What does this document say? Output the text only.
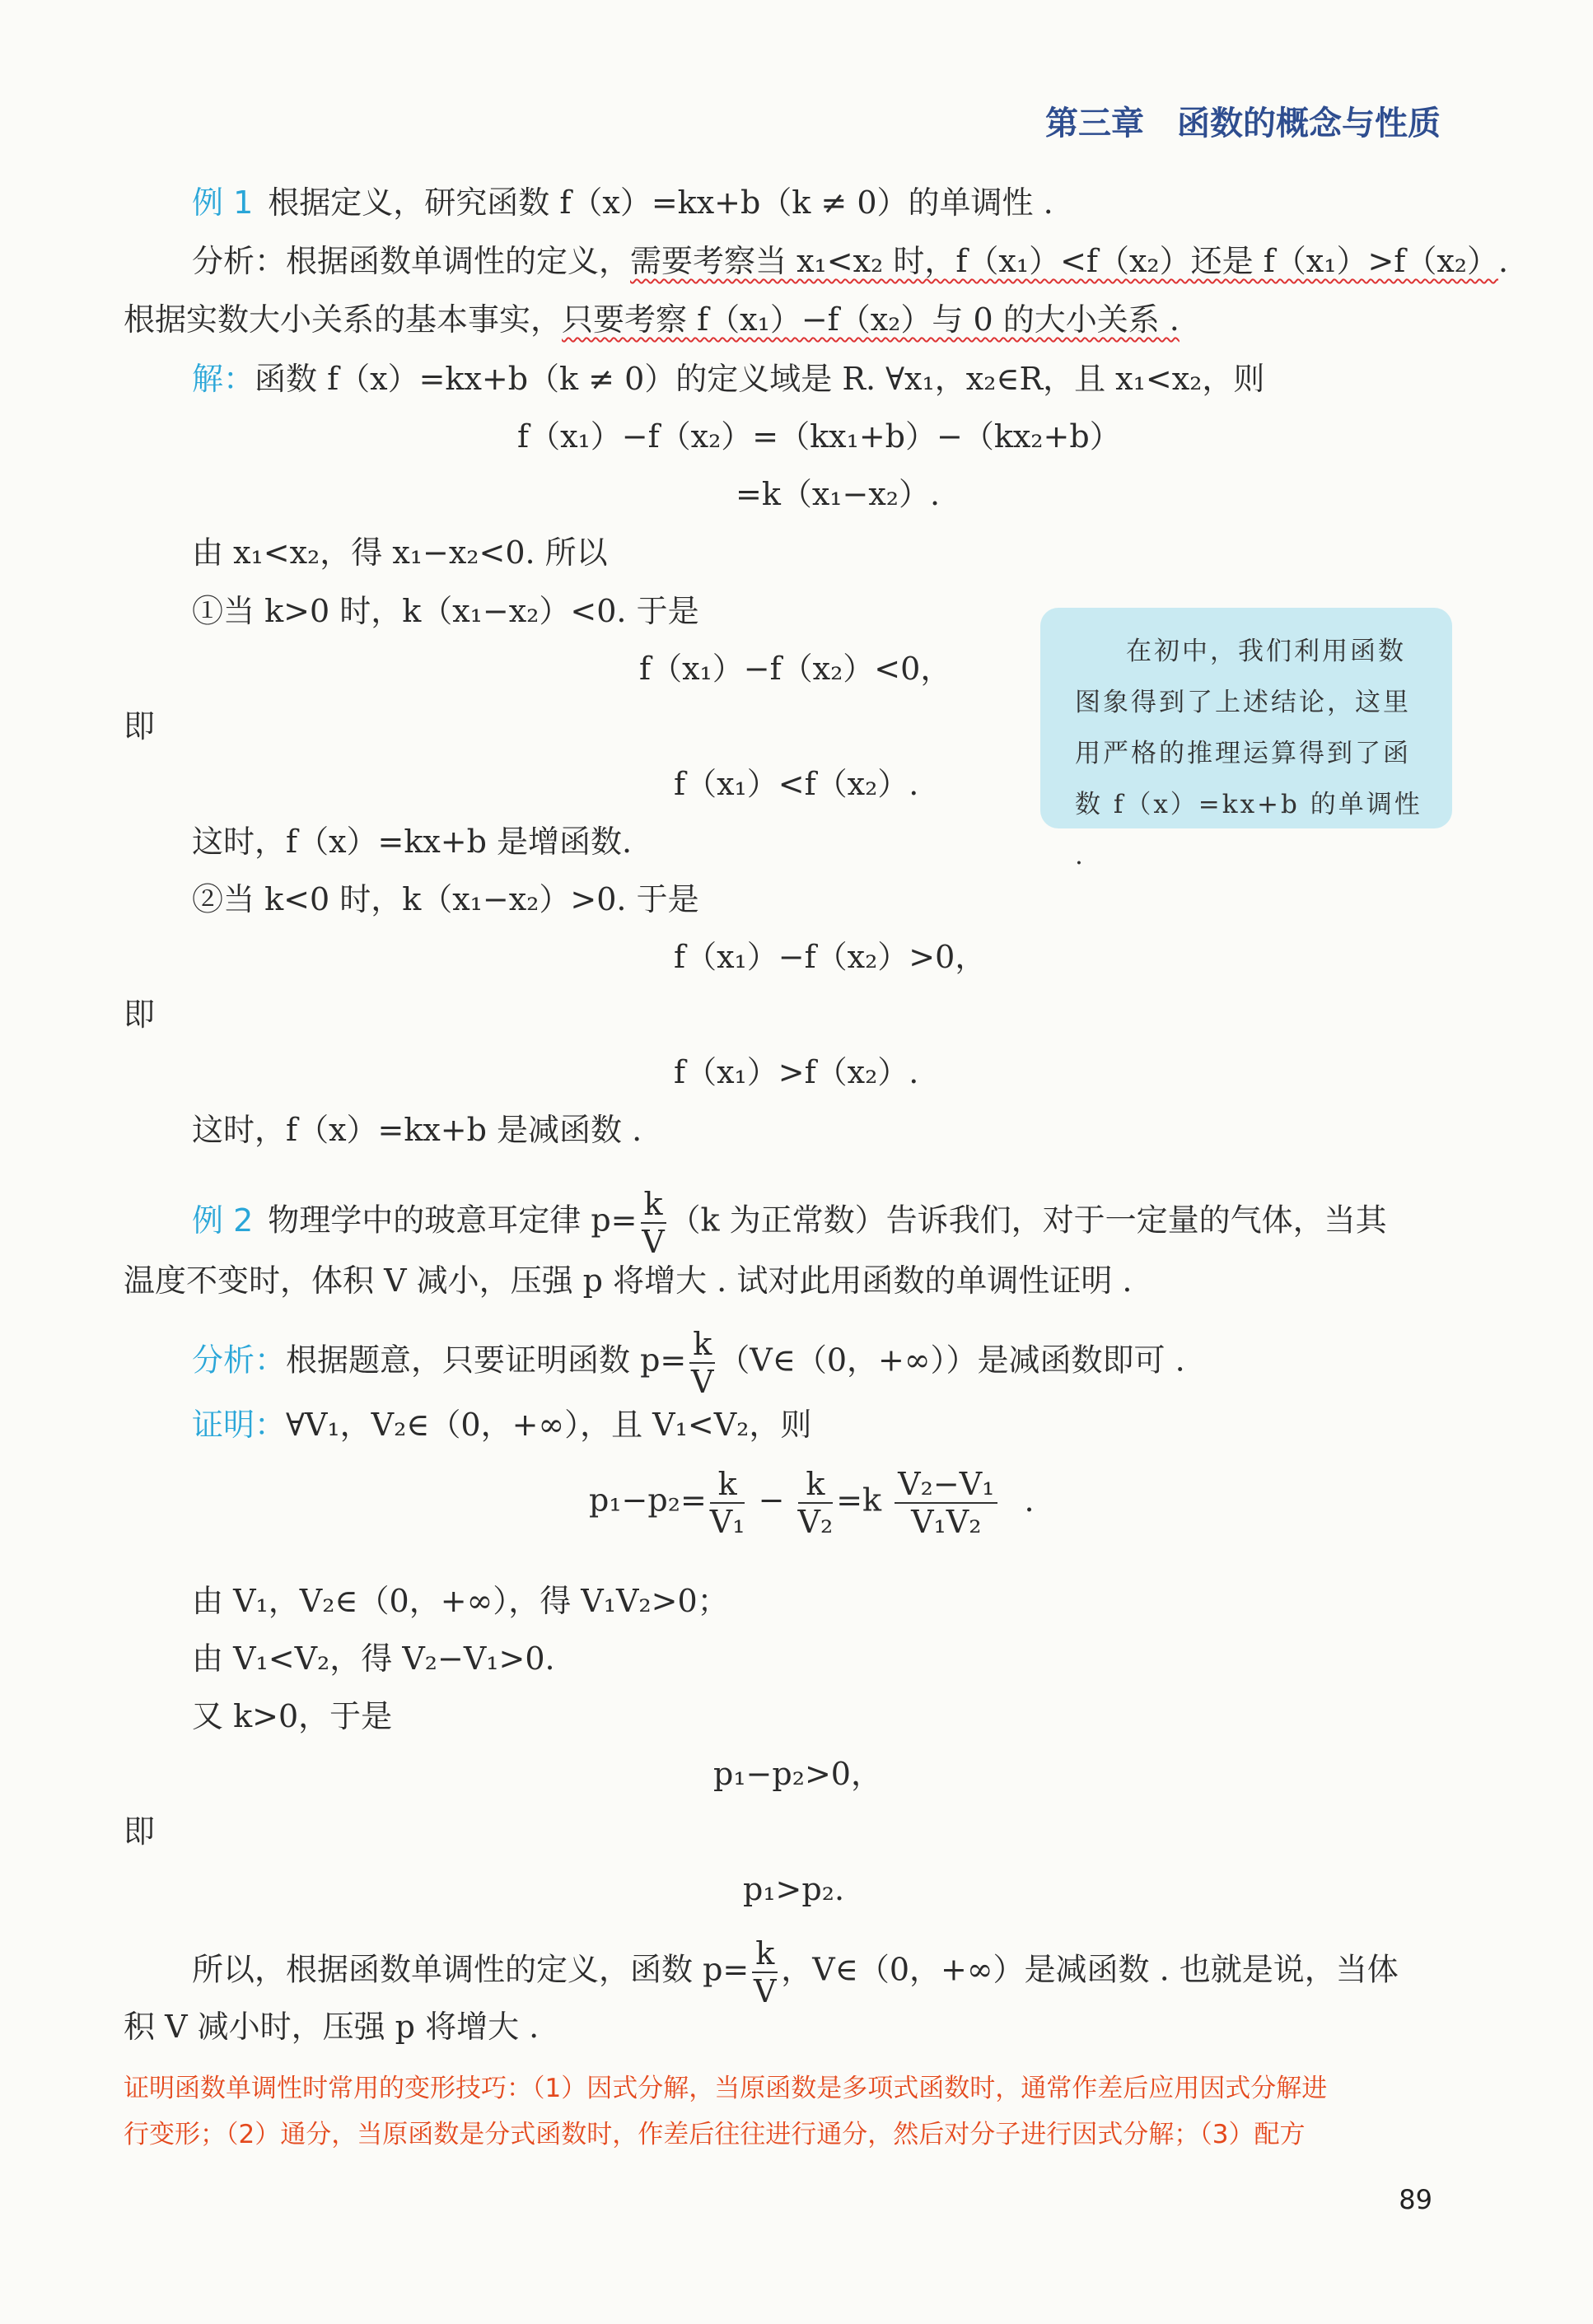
第三章　函数的概念与性质
例 1 根据定义，研究函数 f（x）=kx+b（k ≠ 0）的单调性 .
分析：根据函数单调性的定义，需要考察当 x₁<x₂ 时，f（x₁）<f（x₂）还是 f（x₁）>f（x₂）.
根据实数大小关系的基本事实，只要考察 f（x₁）−f（x₂）与 0 的大小关系 .
解：函数 f（x）=kx+b（k ≠ 0）的定义域是 R. ∀x₁，x₂∈R，且 x₁<x₂，则
f（x₁）−f（x₂）=（kx₁+b）−（kx₂+b）
=k（x₁−x₂）.
由 x₁<x₂，得 x₁−x₂<0. 所以
①当 k>0 时，k（x₁−x₂）<0. 于是
f（x₁）−f（x₂）<0，
即
f（x₁）<f（x₂）.
这时，f（x）=kx+b 是增函数.
②当 k<0 时，k（x₁−x₂）>0. 于是
f（x₁）−f（x₂）>0，
即
f（x₁）>f（x₂）.
这时，f（x）=kx+b 是减函数 .

在初中，我们利用函数图象得到了上述结论，这里用严格的推理运算得到了函数 f（x）=kx+b 的单调性 .

例 2 物理学中的玻意耳定律 $p= \frac{k}{V} (k$ 为正常数）告诉我们，对于一定量的气体，当其
温度不变时，体积 V 减小，压强 p 将增大 . 试对此用函数的单调性证明 .
分析：根据题意，只要证明函数 $p= \frac{k}{V}$ （V∈（0，+∞））是减函数即可 .
证明：∀V₁，V₂∈（0，+∞），且 V₁<V₂，则
$p_1-p_2= \frac{k}{\text{V₁}} - \frac{k}{\text{V₂}} =k \frac{\text{V₂−V₁}}{\text{V₁V₂}}$ .
由 V₁，V₂∈（0，+∞），得 V₁V₂>0；
由 V₁<V₂，得 V₂−V₁>0.
又 k>0，于是
p₁−p₂>0，
即
p₁>p₂.
所以，根据函数单调性的定义，函数 $p= \frac{k}{V}$ ，V∈（0，+∞）是减函数 . 也就是说，当体
积 V 减小时，压强 p 将增大 .
证明函数单调性时常用的变形技巧：（1）因式分解，当原函数是多项式函数时，通常作差后应用因式分解进
行变形；（2）通分，当原函数是分式函数时，作差后往往进行通分，然后对分子进行因式分解；（3）配方
89
